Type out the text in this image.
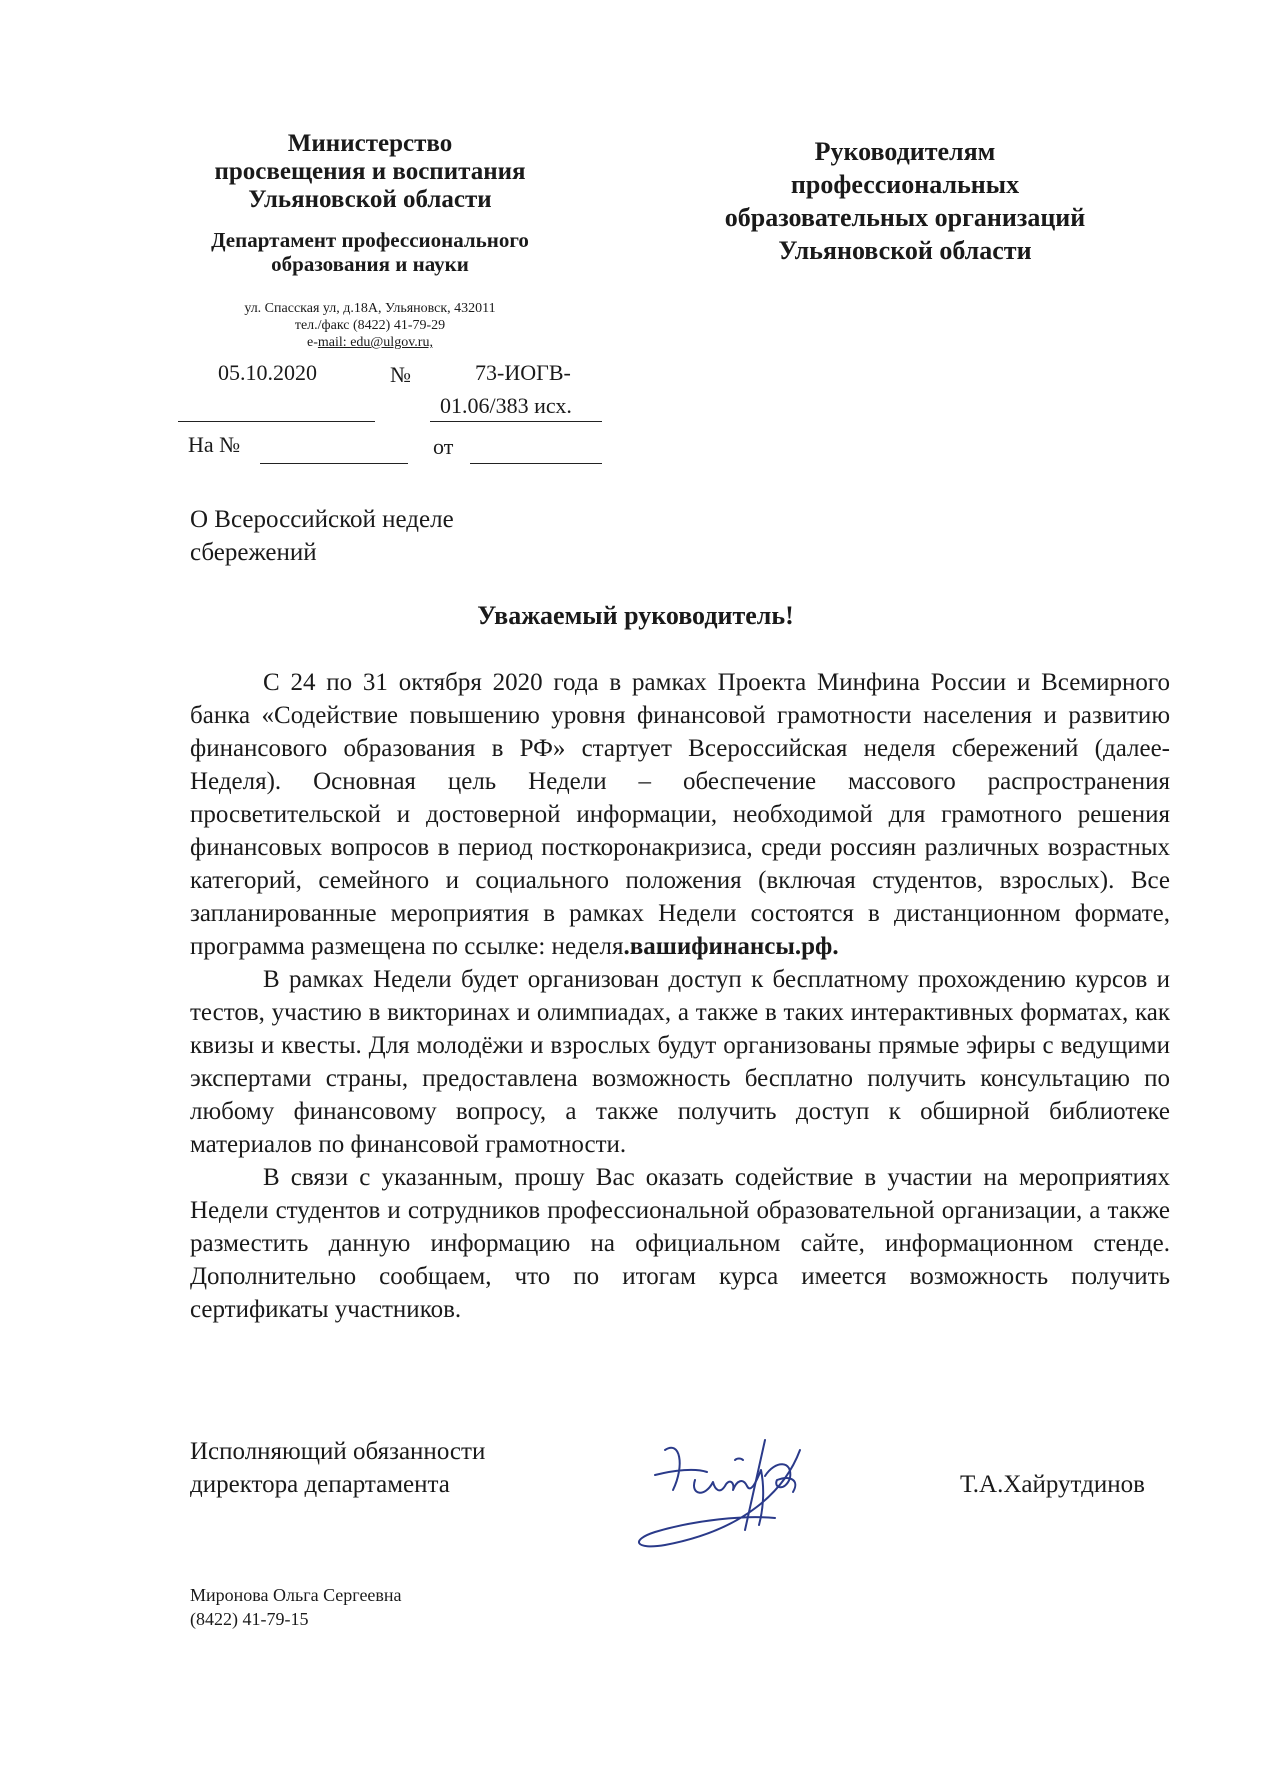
Министерство
просвещения и воспитания
Ульяновской области
Департамент профессионального
образования и науки
ул. Спасская ул, д.18А, Ульяновск, 432011
тел./факс (8422) 41-79-29
e-mail: edu@ulgov.ru,
Руководителям
профессиональных
образовательных организаций
Ульяновской области
05.10.2020	№	73-ИОГВ-
01.06/383 исх.
На №	от
О Всероссийской неделе
сбережений
Уважаемый руководитель!

С 24 по 31 октября 2020 года в рамках Проекта Минфина России и Всемирного банка «Содействие повышению уровня финансовой грамотности населения и развитию финансового образования в РФ» стартует Всероссийская неделя сбережений (далее- Неделя). Основная цель Недели – обеспечение массового распространения просветительской и достоверной информации, необходимой для грамотного решения финансовых вопросов в период посткоронакризиса, среди россиян различных возрастных категорий, семейного и социального положения (включая студентов, взрослых). Все запланированные мероприятия в рамках Недели состоятся в дистанционном формате, программа размещена по ссылке: неделя.вашифинансы.рф.

В рамках Недели будет организован доступ к бесплатному прохождению курсов и тестов, участию в викторинах и олимпиадах, а также в таких интерактивных форматах, как квизы и квесты. Для молодёжи и взрослых будут организованы прямые эфиры с ведущими экспертами страны, предоставлена возможность бесплатно получить консультацию по любому финансовому вопросу, а также получить доступ к обширной библиотеке материалов по финансовой грамотности.

В связи с указанным, прошу Вас оказать содействие в участии на мероприятиях Недели студентов и сотрудников профессиональной образовательной организации, а также разместить данную информацию на официальном сайте, информационном стенде. Дополнительно сообщаем, что по итогам курса имеется возможность получить сертификаты участников.

Исполняющий обязанности
директора департамента	Т.А.Хайрутдинов
Миронова Ольга Сергеевна
(8422) 41-79-15
